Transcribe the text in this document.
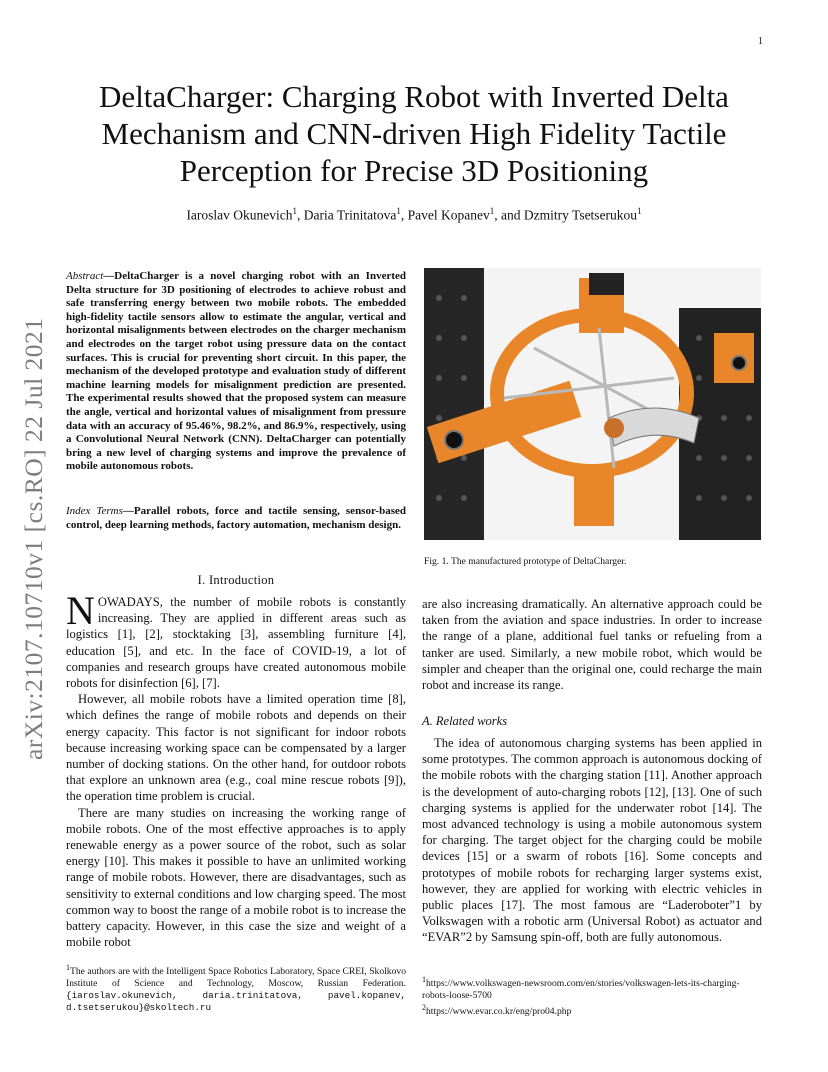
1
arXiv:2107.10710v1 [cs.RO] 22 Jul 2021
DeltaCharger: Charging Robot with Inverted Delta Mechanism and CNN-driven High Fidelity Tactile Perception for Precise 3D Positioning
Iaroslav Okunevich$^1$, Daria Trinitatova$^1$, Pavel Kopanev$^1$, and Dzmitry Tsetserukou$^1$
Abstract—DeltaCharger is a novel charging robot with an Inverted Delta structure for 3D positioning of electrodes to achieve robust and safe transferring energy between two mobile robots. The embedded high-fidelity tactile sensors allow to estimate the angular, vertical and horizontal misalignments between electrodes on the charger mechanism and electrodes on the target robot using pressure data on the contact surfaces. This is crucial for preventing short circuit. In this paper, the mechanism of the developed prototype and evaluation study of different machine learning models for misalignment prediction are presented. The experimental results showed that the proposed system can measure the angle, vertical and horizontal values of misalignment from pressure data with an accuracy of 95.46%, 98.2%, and 86.9%, respectively, using a Convolutional Neural Network (CNN). DeltaCharger can potentially bring a new level of charging systems and improve the prevalence of mobile autonomous robots.
Index Terms—Parallel robots, force and tactile sensing, sensor-based control, deep learning methods, factory automation, mechanism design.
I. Introduction

NOWADAYS, the number of mobile robots is constantly increasing. They are applied in different areas such as logistics [1], [2], stocktaking [3], assembling furniture [4], education [5], and etc. In the face of COVID-19, a lot of companies and research groups have created autonomous mobile robots for disinfection [6], [7].

However, all mobile robots have a limited operation time [8], which defines the range of mobile robots and depends on their energy capacity. This factor is not significant for indoor robots because increasing working space can be compensated by a larger number of docking stations. On the other hand, for outdoor robots that explore an unknown area (e.g., coal mine rescue robots [9]), the operation time problem is crucial.

There are many studies on increasing the working range of mobile robots. One of the most effective approaches is to apply renewable energy as a power source of the robot, such as solar energy [10]. This makes it possible to have an unlimited working range of mobile robots. However, there are disadvantages, such as sensitivity to external conditions and low charging speed. The most common way to boost the range of a mobile robot is to increase the battery capacity. However, in this case the size and weight of a mobile robot

$^1$The authors are with the Intelligent Space Robotics Laboratory, Space CREI, Skolkovo Institute of Science and Technology, Moscow, Russian Federation. {iaroslav.okunevich, daria.trinitatova, pavel.kopanev, d.tsetserukou}@skoltech.ru
Fig. 1. The manufactured prototype of DeltaCharger.

are also increasing dramatically. An alternative approach could be taken from the aviation and space industries. In order to increase the range of a plane, additional fuel tanks or refueling from a tanker are used. Similarly, a new mobile robot, which would be simpler and cheaper than the original one, could recharge the main robot and increase its range.

A. Related works

The idea of autonomous charging systems has been applied in some prototypes. The common approach is autonomous docking of the mobile robots with the charging station [11]. Another approach is the development of auto-charging robots [12], [13]. One of such charging systems is applied for the underwater robot [14]. The most advanced technology is using a mobile autonomous system for charging. The target object for the charging could be mobile devices [15] or a swarm of robots [16]. Some concepts and prototypes of mobile robots for recharging larger systems exist, however, they are applied for working with electric vehicles in public places [17]. The most famous are “Laderoboter”1 by Volkswagen with a robotic arm (Universal Robot) as actuator and “EVAR”2 by Samsung spin-off, both are fully autonomous.

$^1$https://www.volkswagen-newsroom.com/en/stories/volkswagen-lets-its-charging-robots-loose-5700
$^2$https://www.evar.co.kr/eng/pro04.php
